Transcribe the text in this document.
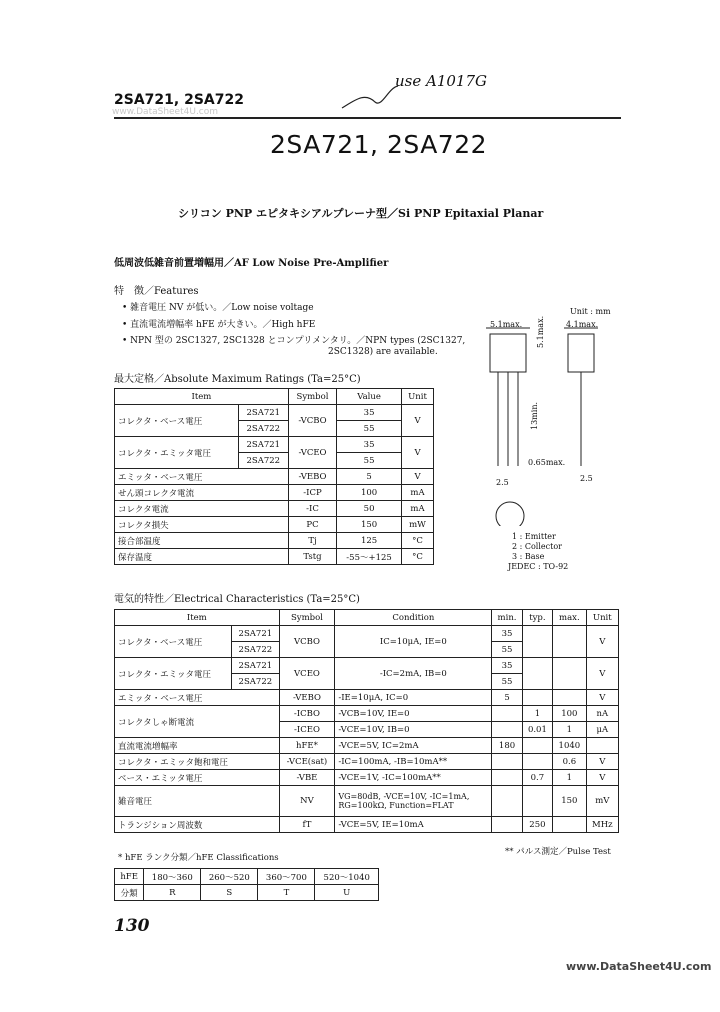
2SA721, 2SA722
www.DataSheet4U.com
use A1017G
2SA721, 2SA722
シリコン PNP エピタキシアルプレーナ型／Si PNP Epitaxial Planar
低周波低雑音前置増幅用／AF Low Noise Pre-Amplifier
特　徴／Features
• 雑音電圧 NV が低い。／Low noise voltage
• 直流電流増幅率 hFE が大きい。／High hFE
• NPN 型の 2SC1327, 2SC1328 とコンプリメンタリ。／NPN types (2SC1327,
2SC1328) are available.
最大定格／Absolute Maximum Ratings (Ta=25°C)
Item		Symbol	Value	Unit
コレクタ・ベース電圧	2SA721	-VCBO	35	V
	2SA722		55	
コレクタ・エミッタ電圧	2SA721	-VCEO	35	V
	2SA722		55	
エミッタ・ベース電圧		-VEBO	5	V
せん頭コレクタ電流		-ICP	100	mA
コレクタ電流		-IC	50	mA
コレクタ損失		PC	150	mW
接合部温度		Tj	125	°C
保存温度		Tstg	-55～+125	°C
Unit : mm
5.1max.	4.1max.
5.1max.
13min.
0.65max.
2.5	2.5
1 : Emitter
2 : Collector
3 : Base
JEDEC : TO-92
電気的特性／Electrical Characteristics (Ta=25°C)
Item		Symbol	Condition	min.	typ.	max.	Unit
コレクタ・ベース電圧	2SA721	VCBO	IC=10μA, IE=0	35			V
	2SA722			55			
コレクタ・エミッタ電圧	2SA721	VCEO	-IC=2mA, IB=0	35			V
	2SA722			55			
エミッタ・ベース電圧		-VEBO	-IE=10μA, IC=0	5			V
コレクタしゃ断電流		-ICBO	-VCB=10V, IE=0		1	100	nA
		-ICEO	-VCE=10V, IB=0		0.01	1	μA
直流電流増幅率		hFE*	-VCE=5V, IC=2mA	180		1040	
コレクタ・エミッタ飽和電圧		-VCE(sat)	-IC=100mA, -IB=10mA**			0.6	V
ベース・エミッタ電圧		-VBE	-VCE=1V, -IC=100mA**		0.7	1	V
雑音電圧		NV	VG=80dB, -VCE=10V, -IC=1mA, RG=100kΩ, Function=FLAT			150	mV
トランジション周波数		fT	-VCE=5V, IE=10mA		250		MHz
* hFE ランク分類／hFE Classifications
** パルス測定／Pulse Test
hFE	180～360	260～520	360～700	520～1040
分類	R	S	T	U
130
www.DataSheet4U.com
